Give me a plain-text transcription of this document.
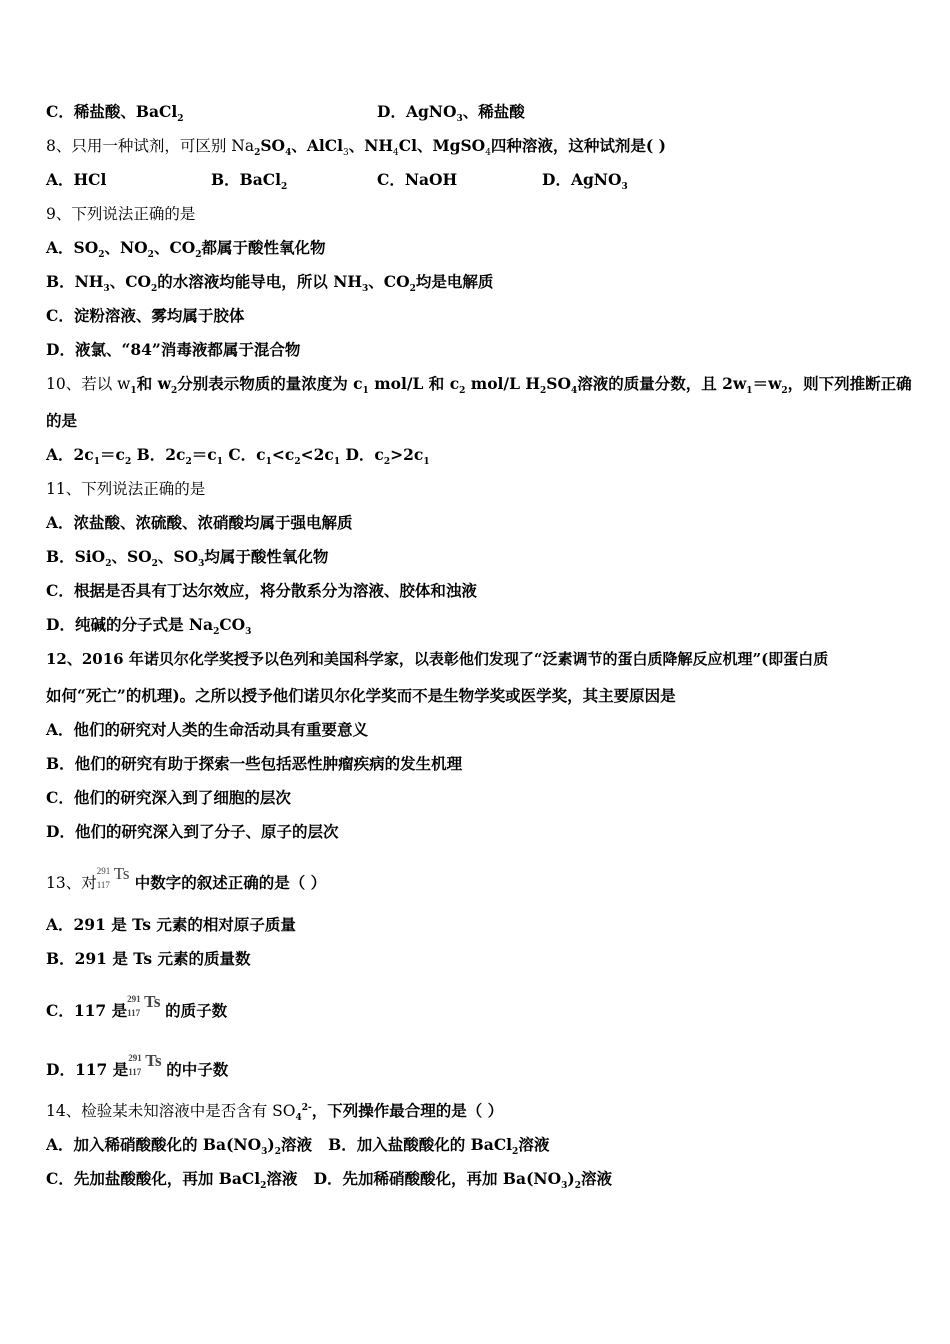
C．稀盐酸、BaCl$_2$	D．AgNO$_3$、稀盐酸
8、只用一种试剂，可区别 $Na_2SO_4$、AlCl$_3$、$NH_4Cl$、MgSO$_4$四种溶液，这种试剂是( )
A．HCl	B．BaCl$_2$	C．NaOH	D．AgNO$_3$
9、下列说法正确的是
A．$SO_2$、$NO_2$、$CO_2$都属于酸性氧化物
B．$NH_3$、$CO_2$的水溶液均能导电，所以 $NH_3$、$CO_2$均是电解质
C．淀粉溶液、雾均属于胶体
D．液氯、“84”消毒液都属于混合物
10、若以 $w_1$和 $w_2$分别表示物质的量浓度为 $c_1$ mol/L 和 $c_2$ mol/L $H_2SO_4$溶液的质量分数，且 $2w_1=w_2$，则下列推断正确
的是
A．$2c_1=c_2$ B．$2c_2=c_1$ C．$c_1<c_2<2c_1$ D．$c_2>2c_1$
11、下列说法正确的是
A．浓盐酸、浓硫酸、浓硝酸均属于强电解质
B．SiO$_2$、$SO_2$、$SO_3$均属于酸性氧化物
C．根据是否具有丁达尔效应，将分散系分为溶液、胶体和浊液
D．纯碱的分子式是 $Na_2CO_3$
12、2016 年诺贝尔化学奖授予以色列和美国科学家，以表彰他们发现了“泛素调节的蛋白质降解反应机理”(即蛋白质
如何“死亡”的机理)。之所以授予他们诺贝尔化学奖而不是生物学奖或医学奖，其主要原因是
A．他们的研究对人类的生命活动具有重要意义
B．他们的研究有助于探索一些包括恶性肿瘤疾病的发生机理
C．他们的研究深入到了细胞的层次
D．他们的研究深入到了分子、原子的层次
13、对
291
117
Ts 中数字的叙述正确的是（ ）
A．291 是 Ts 元素的相对原子质量
B．291 是 Ts 元素的质量数
C．117 是
291
117
Ts 的质子数
D．117 是
291
117
Ts 的中子数
14、检验某未知溶液中是否含有 $SO_4^{2-}$，下列操作最合理的是（ ）
A．加入稀硝酸酸化的 $Ba(NO_3)_2$溶液 B．加入盐酸酸化的 BaCl$_2$溶液
C．先加盐酸酸化，再加 BaCl$_2$溶液 D．先加稀硝酸酸化，再加 $Ba(NO_3)_2$溶液
